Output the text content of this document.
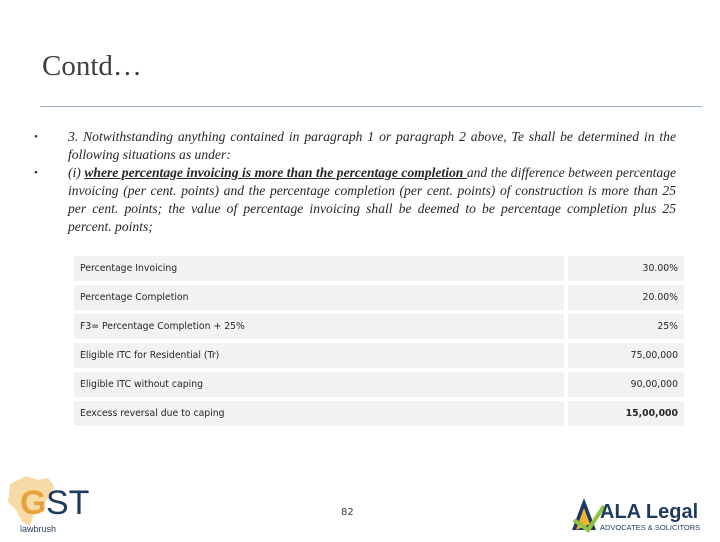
Contd…
•	3. Notwithstanding anything contained in paragraph 1 or paragraph 2 above, Te shall be determined in the following situations as under:
•	(i) where percentage invoicing is more than the percentage completion and the difference between percentage invoicing (per cent. points) and the percentage completion (per cent. points) of construction is more than 25 per cent. points; the value of percentage invoicing shall be deemed to be percentage completion plus 25 percent. points;
Percentage Invoicing	30.00%
Percentage Completion	20.00%
F3= Percentage Completion + 25%	25%
Eligible ITC for Residential (Tr)	75,00,000
Eligible ITC without caping	90,00,000
Eexcess reversal due to caping	15,00,000
82
G ST
lawbrush
ALA Legal
ADVOCATES & SOLICITORS
